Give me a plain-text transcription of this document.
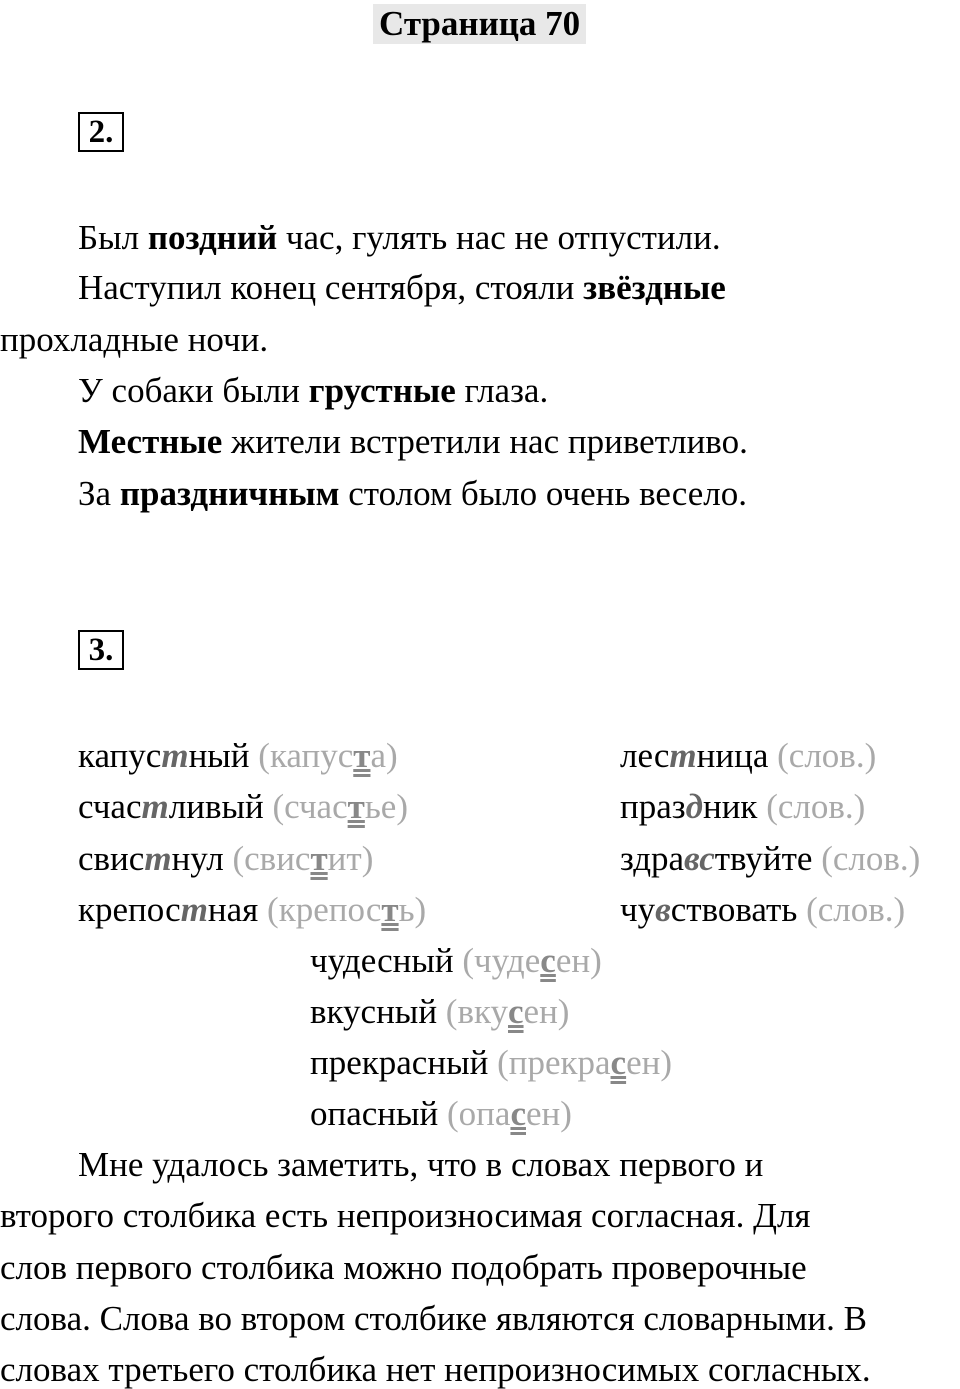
Страница 70
2.
Был поздний час, гулять нас не отпустили.
Наступил конец сентября, стояли звёздные
прохладные ночи.
У собаки были грустные глаза.
Местные жители встретили нас приветливо.
За праздничным столом было очень весело.
3.
капустный (капуста)
счастливый (счастье)
свистнул (свистит)
крепостная (крепость)
лестница (слов.)
праздник (слов.)
здравствуйте (слов.)
чувствовать (слов.)
чудесный (чудесен)
вкусный (вкусен)
прекрасный (прекрасен)
опасный (опасен)
Мне удалось заметить, что в словах первого и
второго столбика есть непроизносимая согласная. Для
слов первого столбика можно подобрать проверочные
слова. Слова во втором столбике являются словарными. В
словах третьего столбика нет непроизносимых согласных.
